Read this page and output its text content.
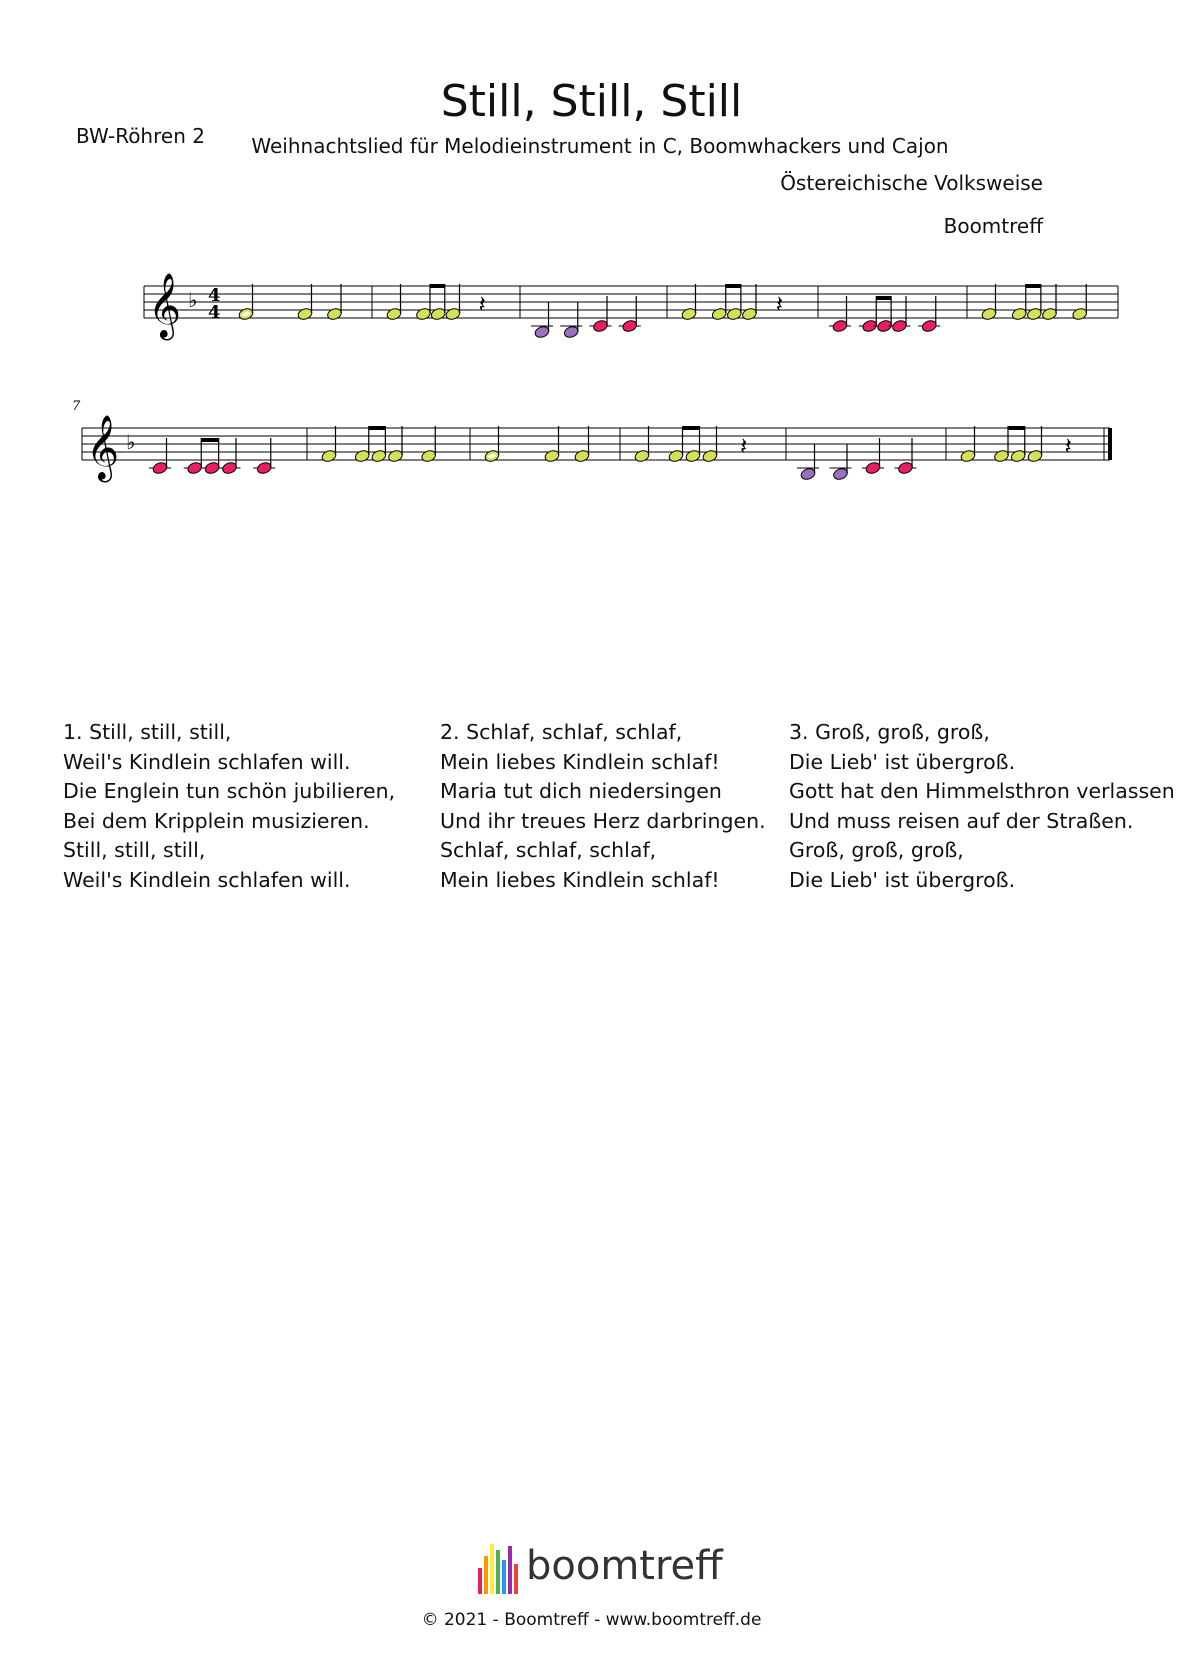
Still, Still, Still
BW-Röhren 2	Weihnachtslied für Melodieinstrument in C, Boomwhackers und Cajon
Östereichische Volksweise
Boomtreff
𝄞 ♭ 4
4	𝄽	𝄽
𝄞 ♭
7
𝄽	𝄽
1. Still, still, still,
Weil's Kindlein schlafen will.
Die Englein tun schön jubilieren,
Bei dem Kripplein musizieren.
Still, still, still,
Weil's Kindlein schlafen will.
2. Schlaf, schlaf, schlaf,
Mein liebes Kindlein schlaf!
Maria tut dich niedersingen
Und ihr treues Herz darbringen.
Schlaf, schlaf, schlaf,
Mein liebes Kindlein schlaf!
3. Groß, groß, groß,
Die Lieb' ist übergroß.
Gott hat den Himmelsthron verlassen
Und muss reisen auf der Straßen.
Groß, groß, groß,
Die Lieb' ist übergroß.
boomtreff
© 2021 - Boomtreff - www.boomtreff.de
